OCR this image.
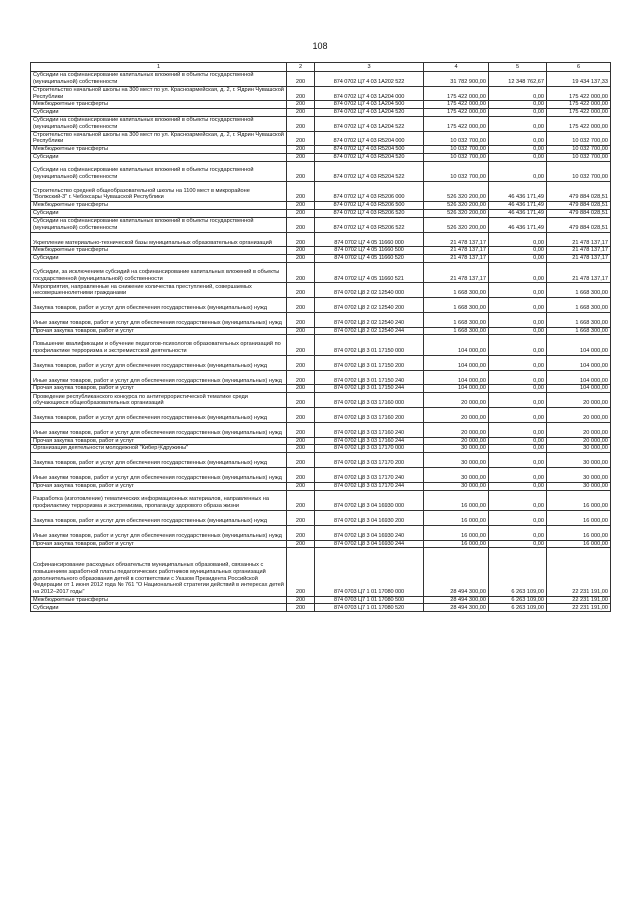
108
1	2	3	4	5	6
Субсидии на софинансирование капитальных вложений в объекты государственной (муниципальной) собственности	200	874 0702 Ц7 4 03 1А202 522	31 782 900,00	12 348 762,67	19 434 137,33
Строительство начальной школы на 300 мест по ул. Красноармейская, д. 2, г. Ядрин Чувашской Республики	200	874 0702 Ц7 4 03 1А204 000	175 422 000,00	0,00	175 422 000,00
Межбюджетные трансферты	200	874 0702 Ц7 4 03 1А204 500	175 422 000,00	0,00	175 422 000,00
Субсидии	200	874 0702 Ц7 4 03 1А204 520	175 422 000,00	0,00	175 422 000,00
Субсидии на софинансирование капитальных вложений в объекты государственной (муниципальной) собственности	200	874 0702 Ц7 4 03 1А204 522	175 422 000,00	0,00	175 422 000,00
Строительство начальной школы на 300 мест по ул. Красноармейская, д. 2, г. Ядрин Чувашской Республики	200	874 0702 Ц7 4 03 R5204 000	10 032 700,00	0,00	10 032 700,00
Межбюджетные трансферты	200	874 0702 Ц7 4 03 R5204 500	10 032 700,00	0,00	10 032 700,00
Субсидии	200	874 0702 Ц7 4 03 R5204 520	10 032 700,00	0,00	10 032 700,00
Субсидии на софинансирование капитальных вложений в объекты государственной (муниципальной) собственности	200	874 0702 Ц7 4 03 R5204 522	10 032 700,00	0,00	10 032 700,00
Строительство средней общеобразовательной школы на 1100 мест в микрорайоне "Волжский-3" г. Чебоксары Чувашской Республики	200	874 0702 Ц7 4 03 R5206 000	526 320 200,00	46 436 171,49	479 884 028,51
Межбюджетные трансферты	200	874 0702 Ц7 4 03 R5206 500	526 320 200,00	46 436 171,49	479 884 028,51
Субсидии	200	874 0702 Ц7 4 03 R5206 520	526 320 200,00	46 436 171,49	479 884 028,51
Субсидии на софинансирование капитальных вложений в объекты государственной (муниципальной) собственности	200	874 0702 Ц7 4 03 R5206 522	526 320 200,00	46 436 171,49	479 884 028,51
Укрепление материально-технической базы муниципальных образовательных организаций	200	874 0702 Ц7 4 05 11660 000	21 478 137,17	0,00	21 478 137,17
Межбюджетные трансферты	200	874 0702 Ц7 4 05 11660 500	21 478 137,17	0,00	21 478 137,17
Субсидии	200	874 0702 Ц7 4 05 11660 520	21 478 137,17	0,00	21 478 137,17
Субсидии, за исключением субсидий на софинансирование капитальных вложений в объекты государственной (муниципальной) собственности	200	874 0702 Ц7 4 05 11660 521	21 478 137,17	0,00	21 478 137,17
Мероприятия, направленные на снижение количества преступлений, совершаемых несовершеннолетними гражданами	200	874 0702 Ц8 2 02 12540 000	1 668 300,00	0,00	1 668 300,00
Закупка товаров, работ и услуг для обеспечения государственных (муниципальных) нужд	200	874 0702 Ц8 2 02 12540 200	1 668 300,00	0,00	1 668 300,00
Иные закупки товаров, работ и услуг для обеспечения государственных (муниципальных) нужд	200	874 0702 Ц8 2 02 12540 240	1 668 300,00	0,00	1 668 300,00
Прочая закупка товаров, работ и услуг	200	874 0702 Ц8 2 02 12540 244	1 668 300,00	0,00	1 668 300,00
Повышение квалификации и обучение педагогов-психологов образовательных организаций по профилактике терроризма и экстремистской деятельности	200	874 0702 Ц8 3 01 17150 000	104 000,00	0,00	104 000,00
Закупка товаров, работ и услуг для обеспечения государственных (муниципальных) нужд	200	874 0702 Ц8 3 01 17150 200	104 000,00	0,00	104 000,00
Иные закупки товаров, работ и услуг для обеспечения государственных (муниципальных) нужд	200	874 0702 Ц8 3 01 17150 240	104 000,00	0,00	104 000,00
Прочая закупка товаров, работ и услуг	200	874 0702 Ц8 3 01 17150 244	104 000,00	0,00	104 000,00
Проведение республиканского конкурса по антитеррористической тематике среди обучающихся общеобразовательных организаций	200	874 0702 Ц8 3 03 17160 000	20 000,00	0,00	20 000,00
Закупка товаров, работ и услуг для обеспечения государственных (муниципальных) нужд	200	874 0702 Ц8 3 03 17160 200	20 000,00	0,00	20 000,00
Иные закупки товаров, работ и услуг для обеспечения государственных (муниципальных) нужд	200	874 0702 Ц8 3 03 17160 240	20 000,00	0,00	20 000,00
Прочая закупка товаров, работ и услуг	200	874 0702 Ц8 3 03 17160 244	20 000,00	0,00	20 000,00
Организация деятельности молодежной "Кибер承дружины"	200	874 0702 Ц8 3 03 17170 000	30 000,00	0,00	30 000,00
Закупка товаров, работ и услуг для обеспечения государственных (муниципальных) нужд	200	874 0702 Ц8 3 03 17170 200	30 000,00	0,00	30 000,00
Иные закупки товаров, работ и услуг для обеспечения государственных (муниципальных) нужд	200	874 0702 Ц8 3 03 17170 240	30 000,00	0,00	30 000,00
Прочая закупка товаров, работ и услуг	200	874 0702 Ц8 3 03 17170 244	30 000,00	0,00	30 000,00
Разработка (изготовление) тематических информационных материалов, направленных на профилактику терроризма и экстремизма, пропаганду здорового образа жизни	200	874 0702 Ц8 3 04 16930 000	16 000,00	0,00	16 000,00
Закупка товаров, работ и услуг для обеспечения государственных (муниципальных) нужд	200	874 0702 Ц8 3 04 16930 200	16 000,00	0,00	16 000,00
Иные закупки товаров, работ и услуг для обеспечения государственных (муниципальных) нужд	200	874 0702 Ц8 3 04 16930 240	16 000,00	0,00	16 000,00
Прочая закупка товаров, работ и услуг	200	874 0702 Ц8 3 04 16930 244	16 000,00	0,00	16 000,00
Софинансирование расходных обязательств муниципальных образований, связанных с повышением заработной платы педагогических работников муниципальных организаций дополнительного образования детей в соответствии с Указом Президента Российской Федерации от 1 июня 2012 года № 761 "О Национальной стратегии действий в интересах детей на 2012–2017 годы"	200	874 0703 Ц7 1 01 17080 000	28 494 300,00	6 263 109,00	22 231 191,00
Межбюджетные трансферты	200	874 0703 Ц7 1 01 17080 500	28 494 300,00	6 263 109,00	22 231 191,00
Субсидии	200	874 0703 Ц7 1 01 17080 520	28 494 300,00	6 263 109,00	22 231 191,00
